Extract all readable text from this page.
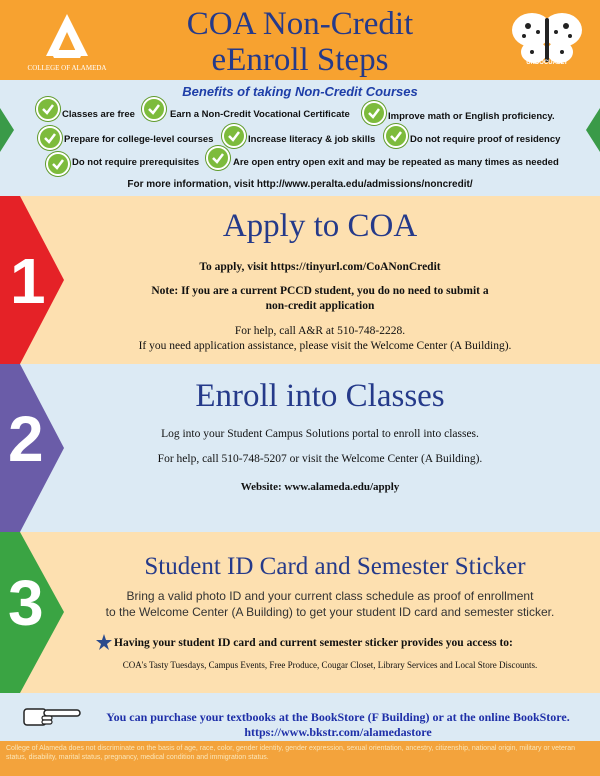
COLLEGE OF ALAMEDA
COA Non-Credit
eEnroll Steps	UNDOCUALLY
Benefits of taking Non-Credit Courses
Classes are free	Earn a Non-Credit Vocational Certificate	Improve math or English proficiency.
Prepare for college-level courses	Increase literacy & job skills	Do not require proof of residency
Do not require prerequisites	Are open entry open exit and may be repeated as many times as needed
For more information, visit http://www.peralta.edu/admissions/noncredit/
1
Apply to COA
To apply, visit https://tinyurl.com/CoANonCredit
Note: If you are a current PCCD student, you do no need to submit a
non-credit application
For help, call A&R at 510-748-2228.
If you need application assistance, please visit the Welcome Center (A Building).
2
Enroll into Classes
Log into your Student Campus Solutions portal to enroll into classes.
For help, call 510-748-5207 or visit the Welcome Center (A Building).
Website: www.alameda.edu/apply
3
Student ID Card and Semester Sticker
Bring a valid photo ID and your current class schedule as proof of enrollment
to the Welcome Center (A Building) to get your student ID card and semester sticker.
Having your student ID card and current semester sticker provides you access to:
COA's Tasty Tuesdays, Campus Events, Free Produce, Cougar Closet, Library Services and Local Store Discounts.
You can purchase your textbooks at the BookStore (F Building) or at the online BookStore.
https://www.bkstr.com/alamedastore
College of Alameda does not discriminate on the basis of age, race, color, gender identity, gender expression, sexual orientation, ancestry, citizenship, national origin, military or veteran status, disability, marital status, pregnancy, medical condition and immigration status.
